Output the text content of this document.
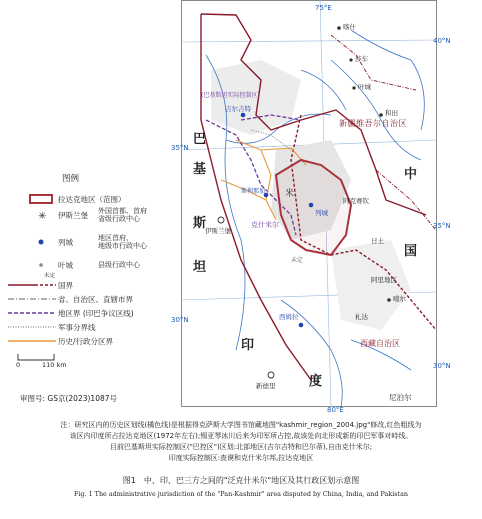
新疆维吾尔自治区
中
国
巴
基
斯
坦
印
度
西藏自治区
尼泊尔
喀什
莎车
叶城
和田
吉尔吉特
(巴基斯坦实际控制区)
列城
克什米尔
米
阿克赛钦
斯利那加
伊斯兰堡
西姆拉
新德里
噶尔
阿里地区
日土
札达
未定
75°E
80°E
40°N
35°N
30°N
35°N
30°N
图例
拉达克地区（范围）
✳ 伊斯兰堡	外国首都、首府
省级行政中心
列城	地区首府、
地级市行政中心
叶城	县级行政中心
未定
国界
省、自治区、直辖市界
地区界 (印巴争议区线)
军事分界线
历史/行政分区界
0	110 km
审图号: GS京(2023)1087号
注：研究区内的历史区划线(橘色线)是根据得克萨斯大学图书馆藏地图"kashmir_region_2004.jpg"修改,红色粗线为
该区内印度所占拉达克地区(1972年左右);锡亚琴冰川后来为印军所占控,故该处向北形成新的印巴军事对峙线。
目前巴基斯坦实际控制区("巴控区")区划:北部地区(吉尔吉特和巴尔蒂),自由克什米尔;
印度实际控制区:查谟和克什米尔邦,拉达克地区
图1　中、印、巴三方之间的"泛克什米尔"地区及其行政区划示意图
Fig. 1 The administrative jurisdiction of the "Pan-Kashmir" area disputed by China, India, and Pakistan
